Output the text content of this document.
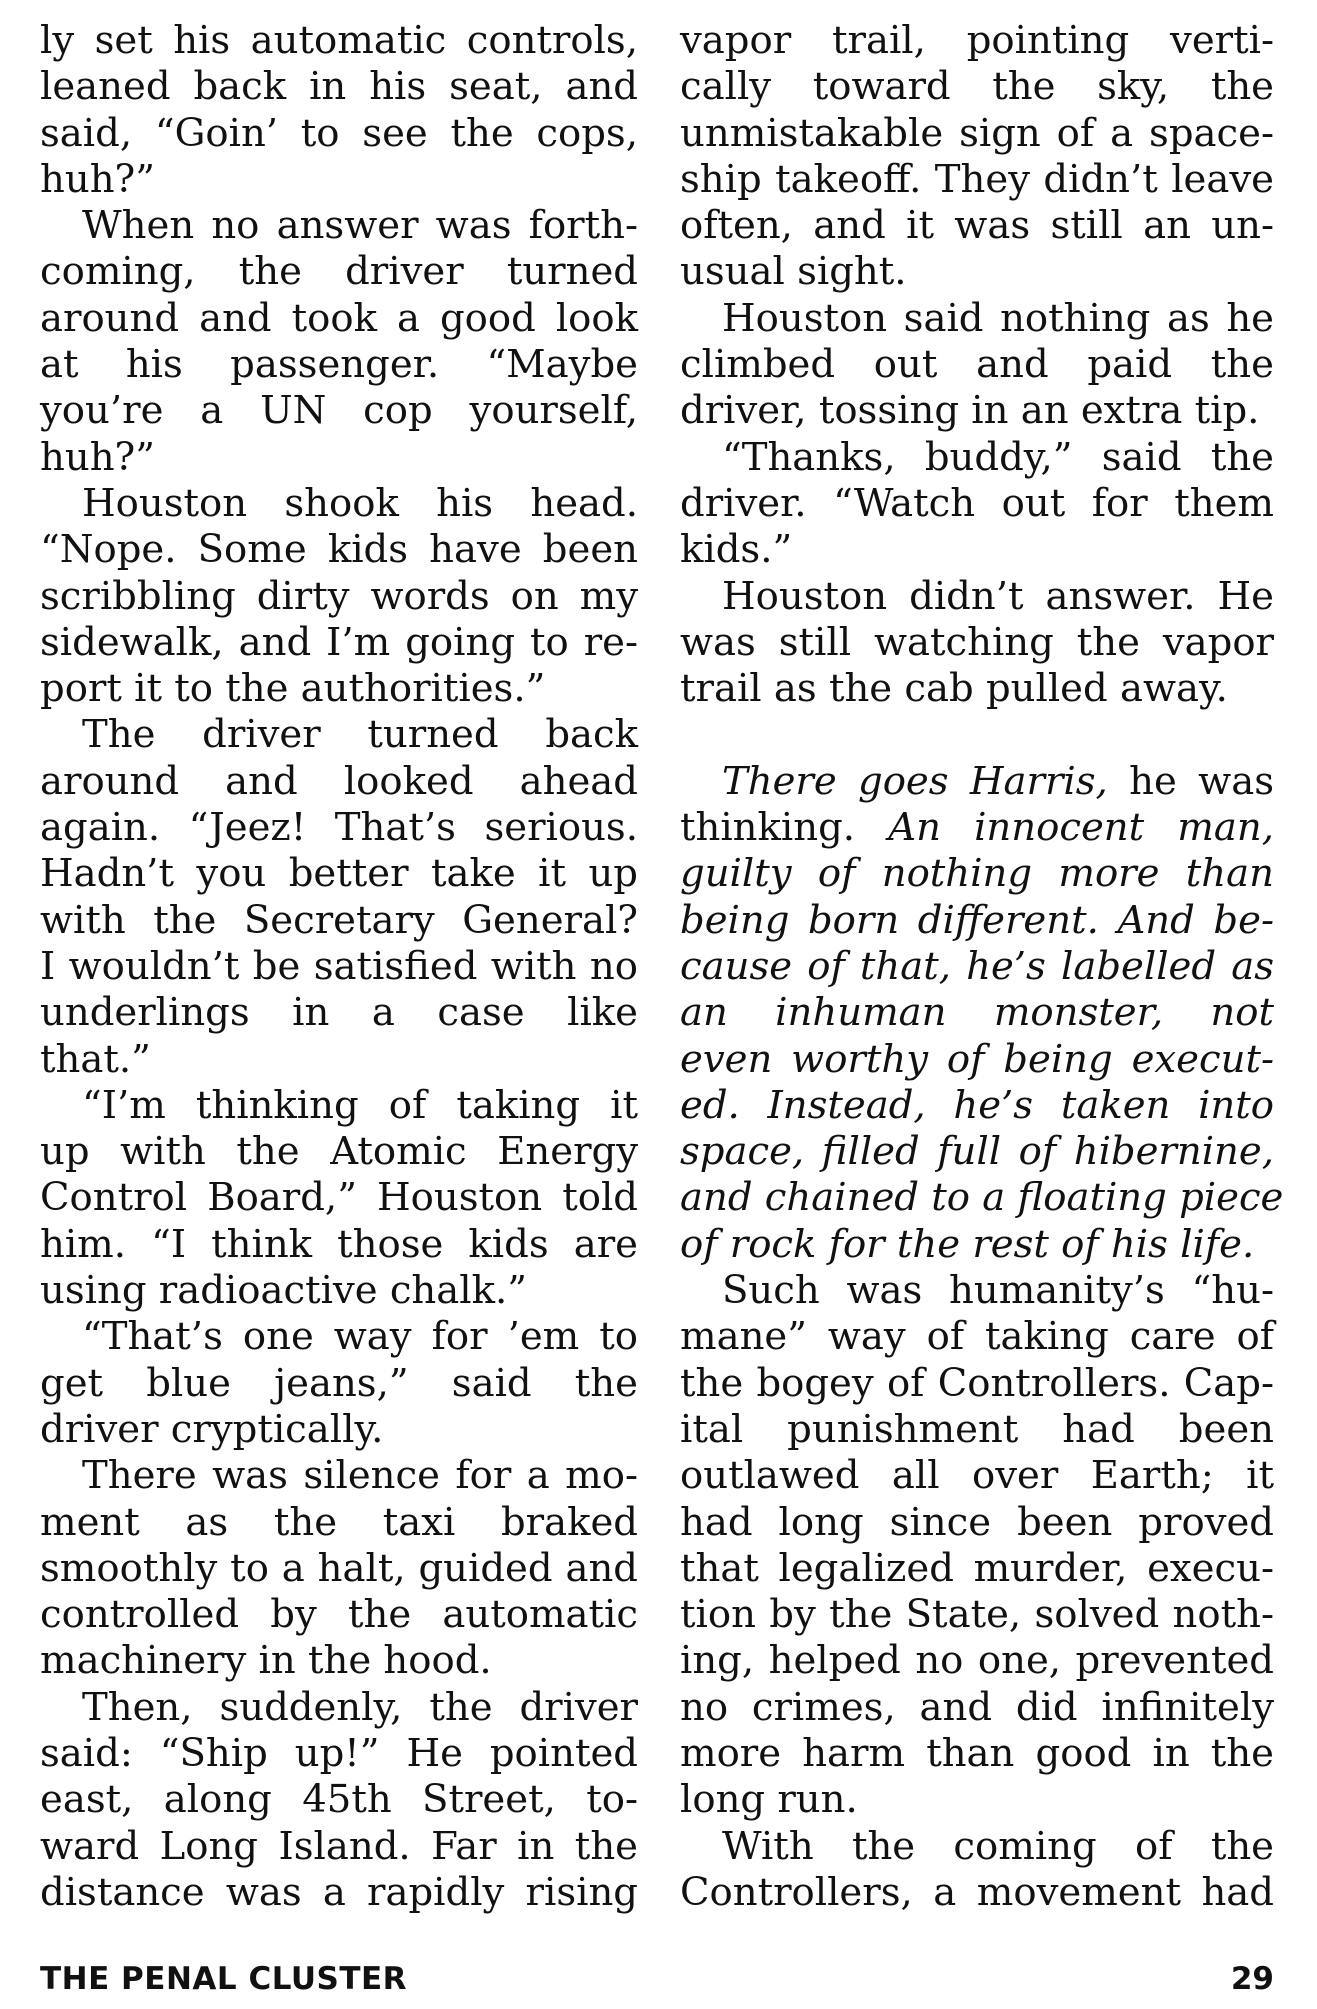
ly set his automatic controls,
leaned back in his seat, and
said, “Goin’ to see the cops,
huh?”
When no answer was forth-
coming, the driver turned
around and took a good look
at his passenger. “Maybe
you’re a UN cop yourself,
huh?”
Houston shook his head.
“Nope. Some kids have been
scribbling dirty words on my
sidewalk, and I’m going to re-
port it to the authorities.”
The driver turned back
around and looked ahead
again. “Jeez! That’s serious.
Hadn’t you better take it up
with the Secretary General?
I wouldn’t be satisfied with no
underlings in a case like
that.”
“I’m thinking of taking it
up with the Atomic Energy
Control Board,” Houston told
him. “I think those kids are
using radioactive chalk.”
“That’s one way for ’em to
get blue jeans,” said the
driver cryptically.
There was silence for a mo-
ment as the taxi braked
smoothly to a halt, guided and
controlled by the automatic
machinery in the hood.
Then, suddenly, the driver
said: “Ship up!” He pointed
east, along 45th Street, to-
ward Long Island. Far in the
distance was a rapidly rising
vapor trail, pointing verti-
cally toward the sky, the
unmistakable sign of a space-
ship takeoff. They didn’t leave
often, and it was still an un-
usual sight.
Houston said nothing as he
climbed out and paid the
driver, tossing in an extra tip.
“Thanks, buddy,” said the
driver. “Watch out for them
kids.”
Houston didn’t answer. He
was still watching the vapor
trail as the cab pulled away.
There goes Harris, he was
thinking. An innocent man,
guilty of nothing more than
being born different. And be-
cause of that, he’s labelled as
an inhuman monster, not
even worthy of being execut-
ed. Instead, he’s taken into
space, filled full of hibernine,
and chained to a floating piece
of rock for the rest of his life.
Such was humanity’s “hu-
mane” way of taking care of
the bogey of Controllers. Cap-
ital punishment had been
outlawed all over Earth; it
had long since been proved
that legalized murder, execu-
tion by the State, solved noth-
ing, helped no one, prevented
no crimes, and did infinitely
more harm than good in the
long run.
With the coming of the
Controllers, a movement had
THE PENAL CLUSTER	29
